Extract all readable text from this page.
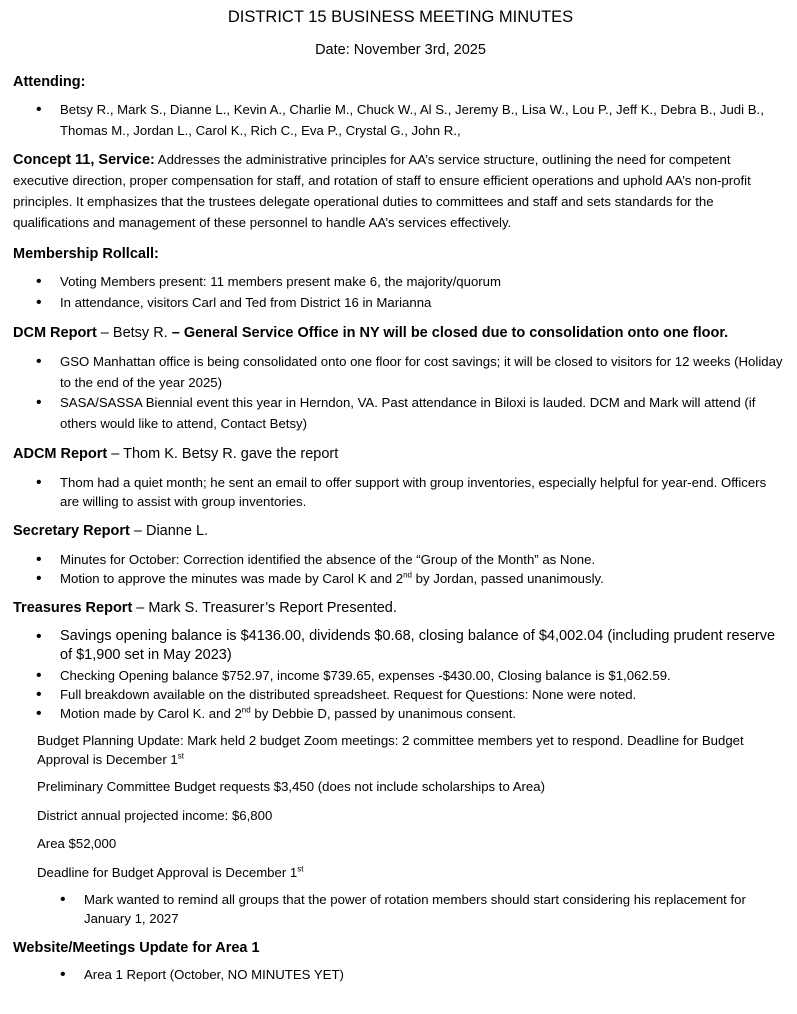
DISTRICT 15 BUSINESS MEETING MINUTES
Date: November 3rd, 2025
Attending:
• Betsy R., Mark S., Dianne L., Kevin A., Charlie M., Chuck W., Al S., Jeremy B., Lisa W., Lou P., Jeff K., Debra B., Judi B., Thomas M., Jordan L., Carol K., Rich C., Eva P., Crystal G., John R.,

Concept 11, Service: Addresses the administrative principles for AA’s service structure, outlining the need for competent executive direction, proper compensation for staff, and rotation of staff to ensure efficient operations and uphold AA’s non-profit principles. It emphasizes that the trustees delegate operational duties to committees and staff and sets standards for the qualifications and management of these personnel to handle AA’s services effectively.

Membership Rollcall:
• Voting Members present: 11 members present make 6, the majority/quorum
• In attendance, visitors Carl and Ted from District 16 in Marianna
DCM Report – Betsy R. – General Service Office in NY will be closed due to consolidation onto one floor.
• GSO Manhattan office is being consolidated onto one floor for cost savings; it will be closed to visitors for 12 weeks (Holiday to the end of the year 2025)
• SASA/SASSA Biennial event this year in Herndon, VA. Past attendance in Biloxi is lauded. DCM and Mark will attend (if others would like to attend, Contact Betsy)
ADCM Report – Thom K. Betsy R. gave the report
• Thom had a quiet month; he sent an email to offer support with group inventories, especially helpful for year-end. Officers are willing to assist with group inventories.
Secretary Report – Dianne L.
• Minutes for October: Correction identified the absence of the “Group of the Month” as None.
• Motion to approve the minutes was made by Carol K and 2nd by Jordan, passed unanimously.
Treasures Report – Mark S. Treasurer’s Report Presented.
• Savings opening balance is $4136.00, dividends $0.68, closing balance of $4,002.04 (including prudent reserve of $1,900 set in May 2023)
• Checking Opening balance $752.97, income $739.65, expenses -$430.00, Closing balance is $1,062.59.
• Full breakdown available on the distributed spreadsheet. Request for Questions: None were noted.
• Motion made by Carol K. and 2nd by Debbie D, passed by unanimous consent.

Budget Planning Update: Mark held 2 budget Zoom meetings: 2 committee members yet to respond. Deadline for Budget Approval is December 1st

Preliminary Committee Budget requests $3,450 (does not include scholarships to Area)

District annual projected income: $6,800

Area $52,000

Deadline for Budget Approval is December 1st

• Mark wanted to remind all groups that the power of rotation members should start considering his replacement for January 1, 2027
Website/Meetings Update for Area 1
• Area 1 Report (October, NO MINUTES YET)
